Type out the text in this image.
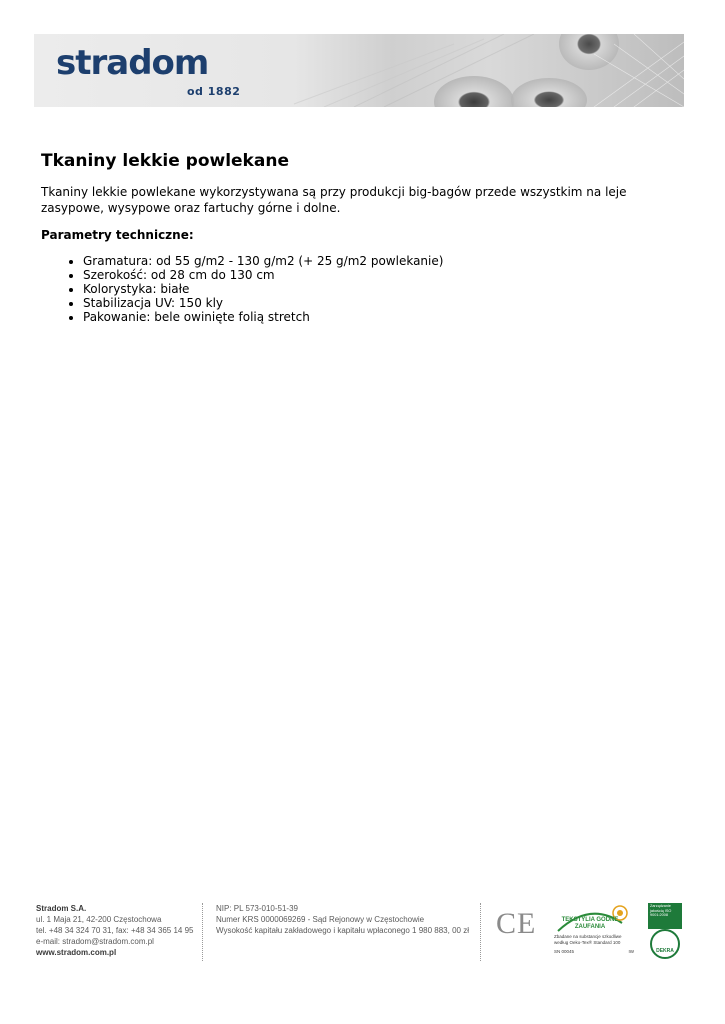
stradom
od 1882
Tkaniny lekkie powlekane

Tkaniny lekkie powlekane wykorzystywana są przy produkcji big-bagów przede wszystkim na leje zasypowe, wysypowe oraz fartuchy górne i dolne.

Parametry techniczne:

• Gramatura: od 55 g/m2 - 130 g/m2 (+ 25 g/m2 powlekanie)
• Szerokość: od 28 cm do 130 cm
• Kolorystyka: białe
• Stabilizacja UV: 150 kly
• Pakowanie: bele owinięte folią stretch
Stradom S.A.
ul. 1 Maja 21, 42-200 Częstochowa
tel. +48 34 324 70 31, fax: +48 34 365 14 95
e-mail: stradom@stradom.com.pl
www.stradom.com.pl
NIP: PL 573-010-51-39
Numer KRS 0000069269 - Sąd Rejonowy w Częstochowie
Wysokość kapitału zakładowego i kapitału wpłaconego 1 980 883, 00 zł CE	TEKSTYLIA GODNE ZAUFANIA
Zbadane na substancje szkodliwe według Oeko-Tex® Standard 100
IW
SN 00045
Zarządzanie jakością ISO 9001:2008
DEKRA
